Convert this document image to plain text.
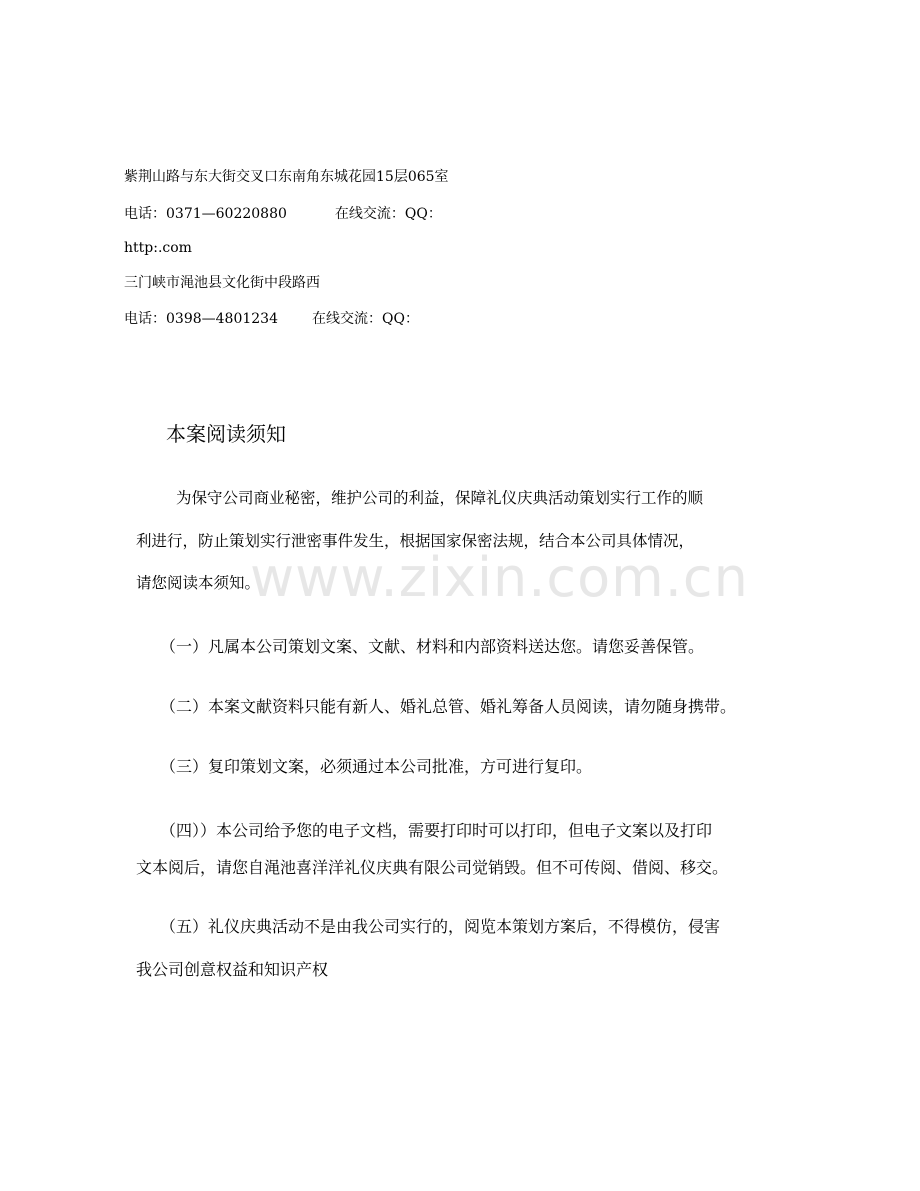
www.zixin.com.cn
紫荆山路与东大街交叉口东南角东城花园15层065室
电话：0371—60220880	在线交流：QQ：
http:.com
三门峡市渑池县文化街中段路西
电话：0398—4801234 在线交流：QQ：
本案阅读须知
为保守公司商业秘密，维护公司的利益，保障礼仪庆典活动策划实行工作的顺
利进行，防止策划实行泄密事件发生，根据国家保密法规，结合本公司具体情况，
请您阅读本须知。
（一）凡属本公司策划文案、文献、材料和内部资料送达您。请您妥善保管。
（二）本案文献资料只能有新人、婚礼总管、婚礼筹备人员阅读，请勿随身携带。
（三）复印策划文案，必须通过本公司批准，方可进行复印。
（四））本公司给予您的电子文档，需要打印时可以打印，但电子文案以及打印
文本阅后，请您自渑池喜洋洋礼仪庆典有限公司觉销毁。但不可传阅、借阅、移交。
（五）礼仪庆典活动不是由我公司实行的，阅览本策划方案后，不得模仿，侵害
我公司创意权益和知识产权
